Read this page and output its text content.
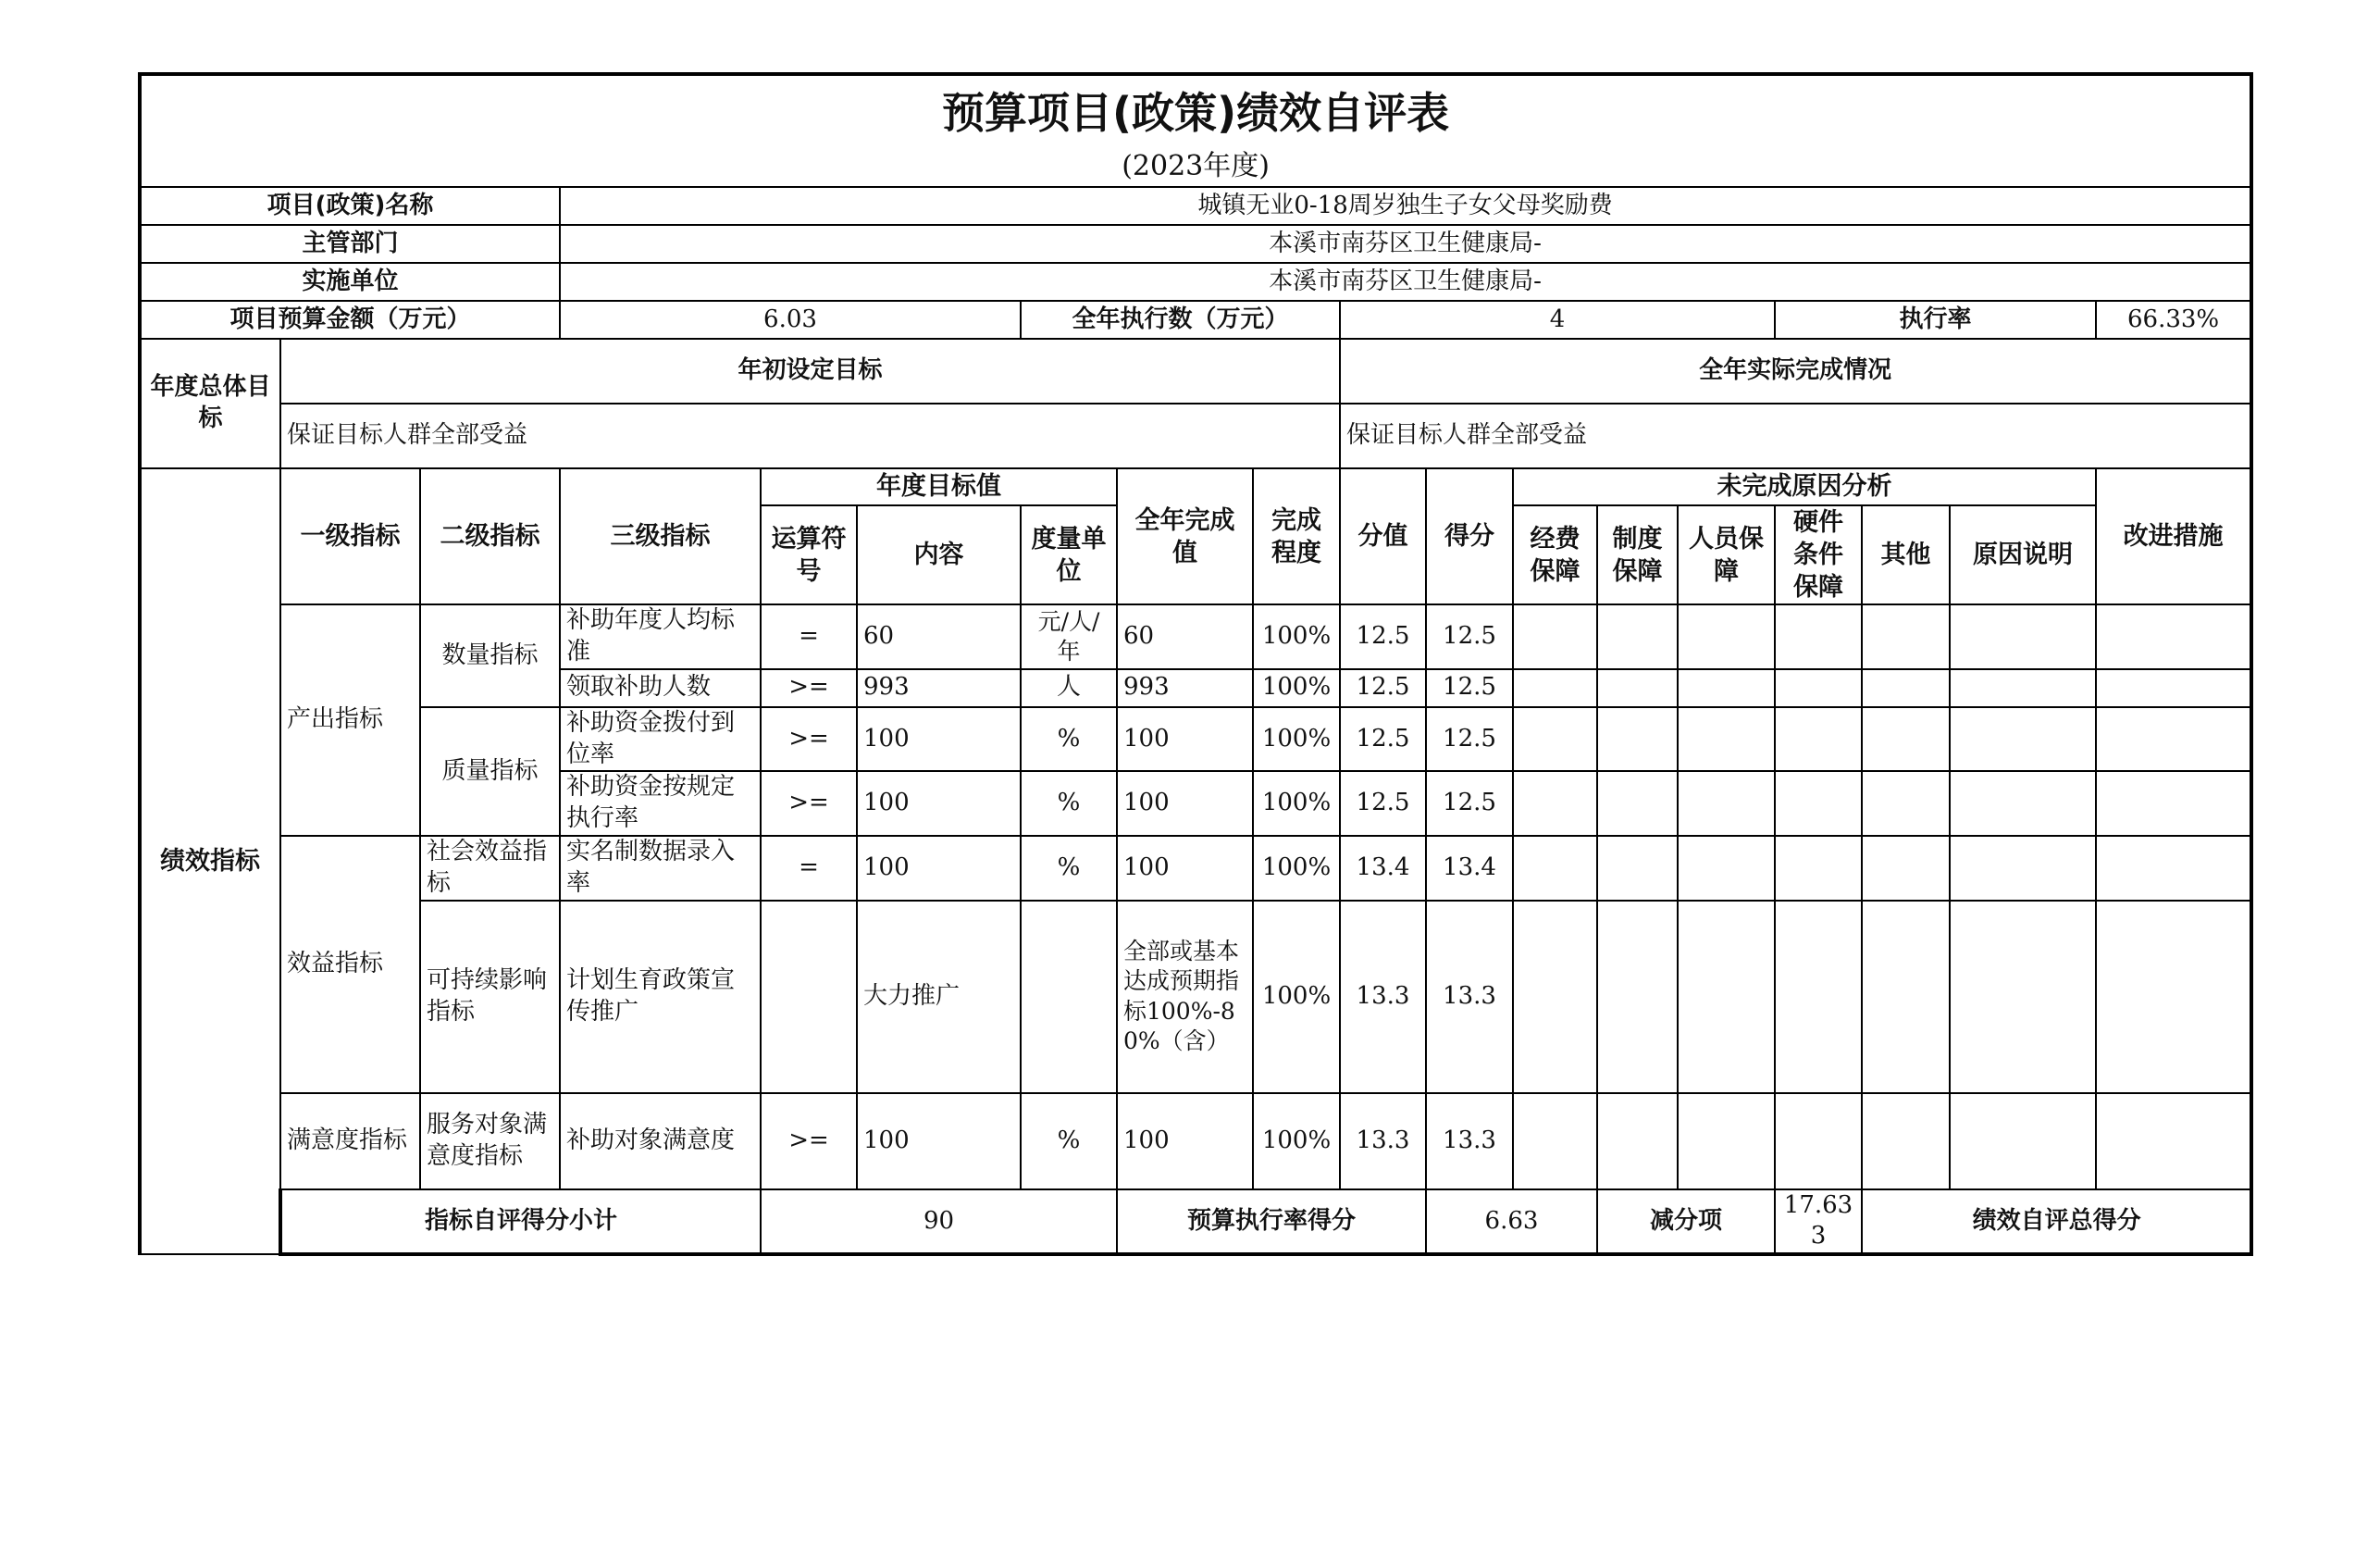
预算项目(政策)绩效自评表																		
(2023年度)																		
项目(政策)名称			城镇无业0-18周岁独生子女父母奖励费															
主管部门			本溪市南芬区卫生健康局-															
实施单位			本溪市南芬区卫生健康局-															
项目预算金额（万元）			6.03			全年执行数（万元）			4					执行率			66.33%	
年度总体目标	年初设定目标								全年实际完成情况									
	保证目标人群全部受益								保证目标人群全部受益									
绩效指标	一级指标	二级指标	三级指标	年度目标值			全年完成值	完成程度	分值	得分	未完成原因分析						改进措施	
				运算符号	内容	度量单位					经费保障	制度保障	人员保障	硬件条件保障	其他	原因说明		
	产出指标	数量指标	补助年度人均标准	=	60	元/人/年	60	100%	12.5	12.5								
			领取补助人数	>=	993	人	993	100%	12.5	12.5								
		质量指标	补助资金拨付到位率	>=	100	%	100	100%	12.5	12.5								
			补助资金按规定执行率	>=	100	%	100	100%	12.5	12.5								
	效益指标	社会效益指标	实名制数据录入率	=	100	%	100	100%	13.4	13.4								
		可持续影响指标	计划生育政策宣传推广		大力推广		全部或基本达成预期指标100%-80%（含）	100%	13.3	13.3								
	满意度指标	服务对象满意度指标	补助对象满意度	>=	100	%	100	100%	13.3	13.3								
	指标自评得分小计			90			预算执行率得分			6.63		减分项		17.633	绩效自评总得分	
